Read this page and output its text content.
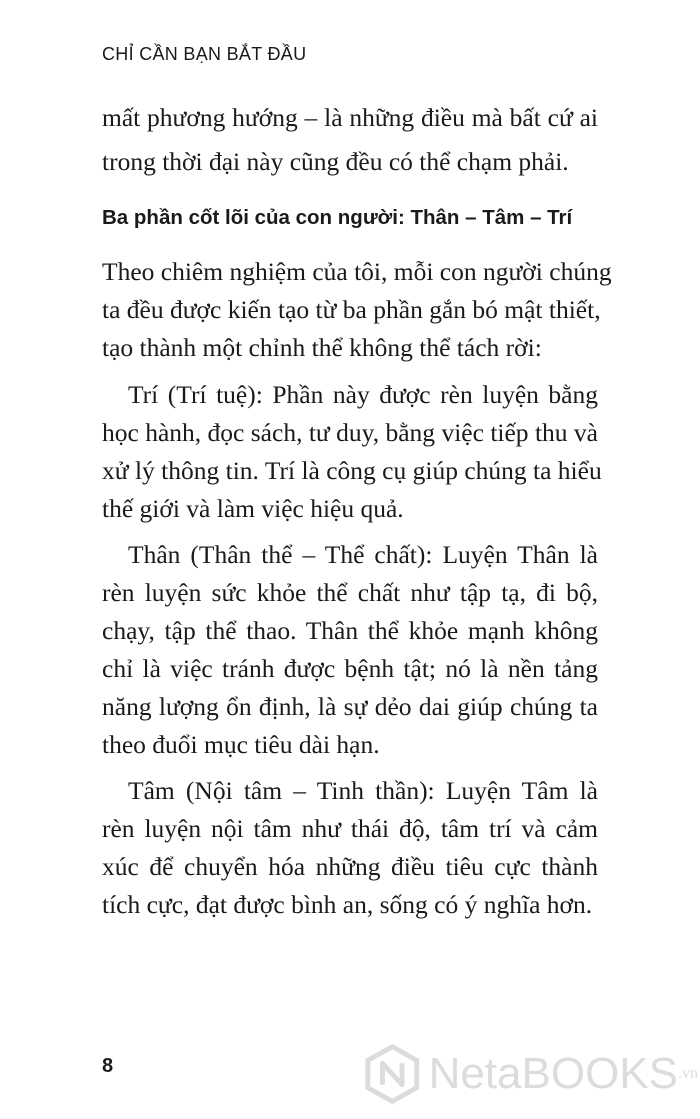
CHỈ CẦN BẠN BẮT ĐẦU
mất phương hướng – là những điều mà bất cứ ai
trong thời đại này cũng đều có thể chạm phải.
Ba phần cốt lõi của con người: Thân – Tâm – Trí
Theo chiêm nghiệm của tôi, mỗi con người chúng
ta đều được kiến tạo từ ba phần gắn bó mật thiết,
tạo thành một chỉnh thể không thể tách rời:
Trí (Trí tuệ): Phần này được rèn luyện bằng
học hành, đọc sách, tư duy, bằng việc tiếp thu và
xử lý thông tin. Trí là công cụ giúp chúng ta hiểu
thế giới và làm việc hiệu quả.
Thân (Thân thể – Thể chất): Luyện Thân là
rèn luyện sức khỏe thể chất như tập tạ, đi bộ,
chạy, tập thể thao. Thân thể khỏe mạnh không
chỉ là việc tránh được bệnh tật; nó là nền tảng
năng lượng ổn định, là sự dẻo dai giúp chúng ta
theo đuổi mục tiêu dài hạn.
Tâm (Nội tâm – Tinh thần): Luyện Tâm là
rèn luyện nội tâm như thái độ, tâm trí và cảm
xúc để chuyển hóa những điều tiêu cực thành
tích cực, đạt được bình an, sống có ý nghĩa hơn.
8	NetaBOOKS .vn
